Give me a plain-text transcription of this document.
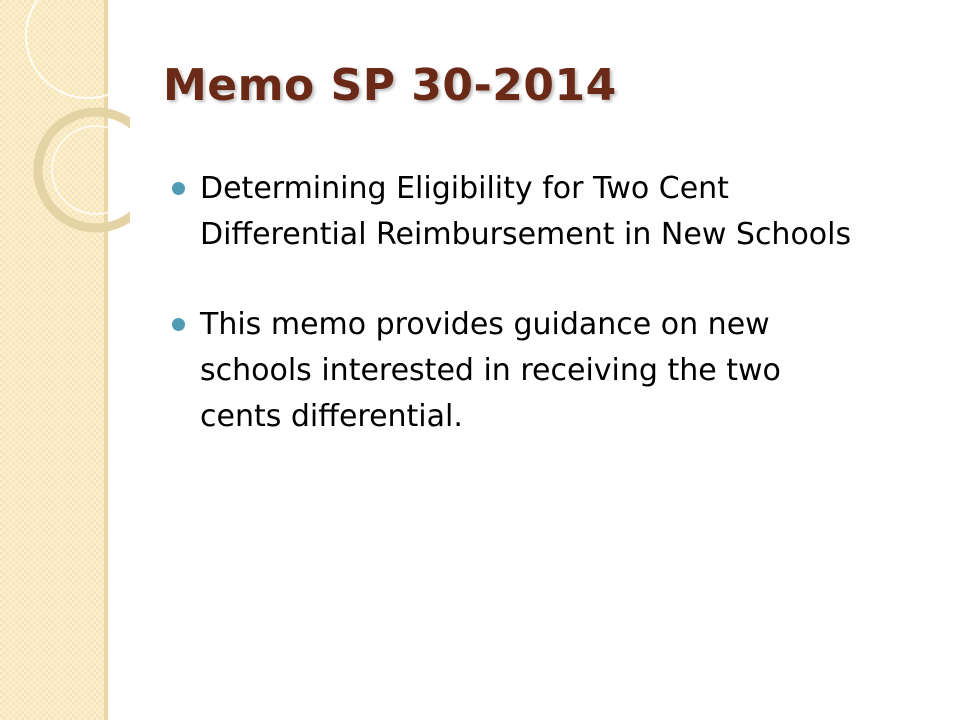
Memo SP 30-2014
Determining Eligibility for Two Cent Differential Reimbursement in New Schools
This memo provides guidance on new schools interested in receiving the two cents differential.
